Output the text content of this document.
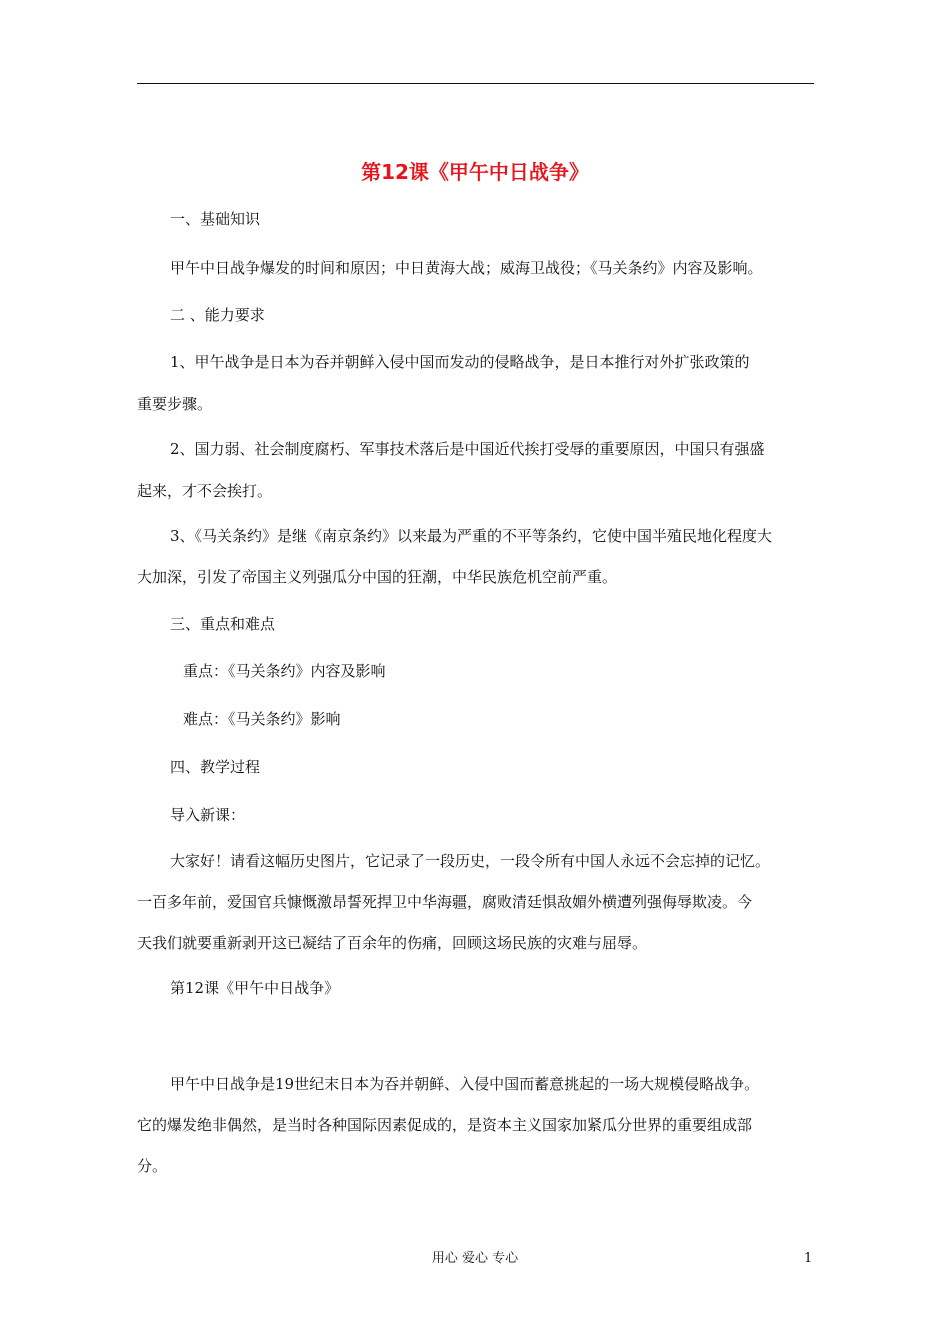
第12课《甲午中日战争》
一、基础知识
甲午中日战争爆发的时间和原因；中日黄海大战；威海卫战役；《马关条约》内容及影响。
二 、能力要求
1、甲午战争是日本为吞并朝鲜入侵中国而发动的侵略战争，是日本推行对外扩张政策的
重要步骤。
2、国力弱、社会制度腐朽、军事技术落后是中国近代挨打受辱的重要原因，中国只有强盛
起来，才不会挨打。
3、《马关条约》是继《南京条约》以来最为严重的不平等条约，它使中国半殖民地化程度大
大加深，引发了帝国主义列强瓜分中国的狂潮，中华民族危机空前严重。
三、重点和难点
重点：《马关条约》内容及影响
难点：《马关条约》影响
四、教学过程
导入新课：
大家好！请看这幅历史图片，它记录了一段历史，一段令所有中国人永远不会忘掉的记忆。
一百多年前，爱国官兵慷慨激昂誓死捍卫中华海疆，腐败清廷惧敌媚外横遭列强侮辱欺凌。今
天我们就要重新剥开这已凝结了百余年的伤痛，回顾这场民族的灾难与屈辱。
第12课《甲午中日战争》
甲午中日战争是19世纪末日本为吞并朝鲜、入侵中国而蓄意挑起的一场大规模侵略战争。
它的爆发绝非偶然，是当时各种国际因素促成的，是资本主义国家加紧瓜分世界的重要组成部
分。
用心 爱心 专心	1
